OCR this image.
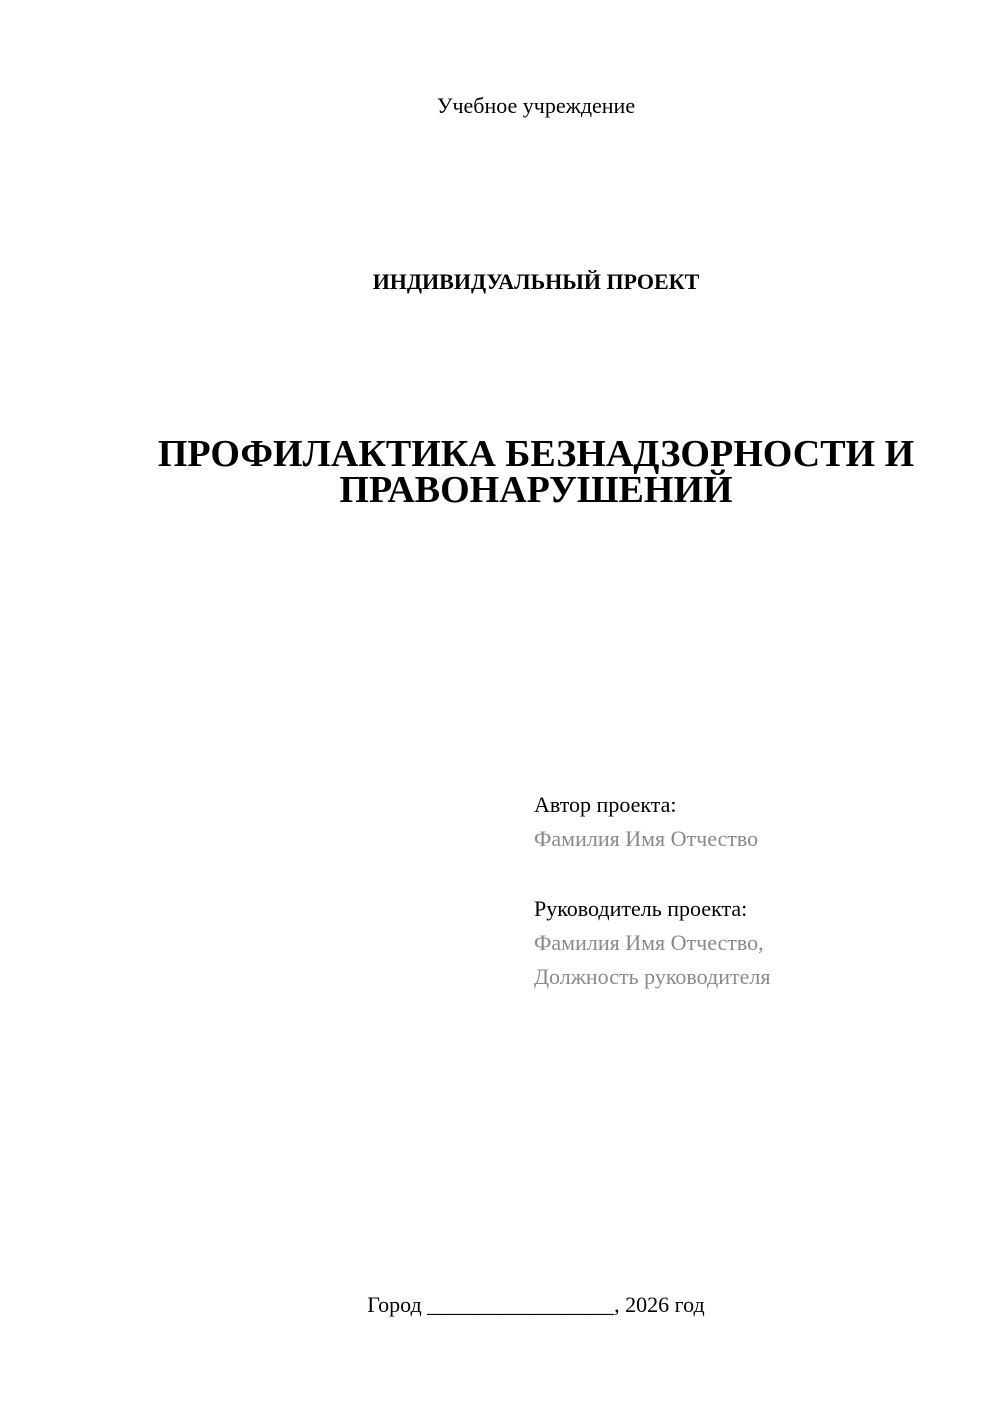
Учебное учреждение
ИНДИВИДУАЛЬНЫЙ ПРОЕКТ
ПРОФИЛАКТИКА БЕЗНАДЗОРНОСТИ И
ПРАВОНАРУШЕНИЙ
Автор проекта:
Фамилия Имя Отчество
Руководитель проекта:
Фамилия Имя Отчество,
Должность руководителя
Город _________________, 2026 год
